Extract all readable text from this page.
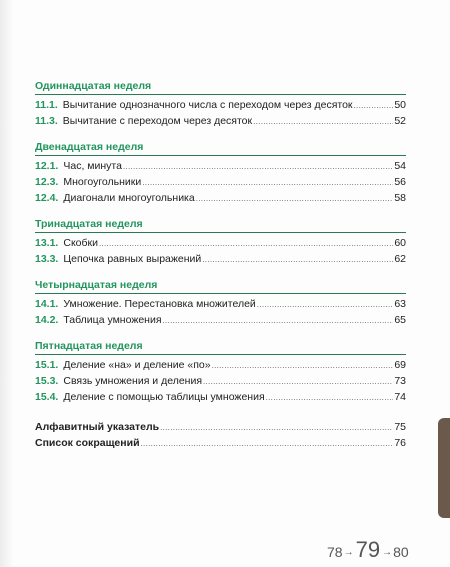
Одиннадцатая неделя
11.1. Вычитание однозначного числа с переходом через десяток .....	50
11.3. Вычитание с переходом через десяток .....	52
Двенадцатая неделя
12.1. Час, минута .....	54
12.3. Многоугольники .....	56
12.4. Диагонали многоугольника .....	58
Тринадцатая неделя
13.1. Скобки .....	60
13.3. Цепочка равных выражений .....	62
Четырнадцатая неделя
14.1. Умножение. Перестановка множителей .....	63
14.2. Таблица умножения .....	65
Пятнадцатая неделя
15.1. Деление «на» и деление «по» .....	69
15.3. Связь умножения и деления .....	73
15.4. Деление с помощью таблицы умножения .....	74
Алфавитный указатель .....	75
Список сокращений .....	76
78 → 79 → 80
